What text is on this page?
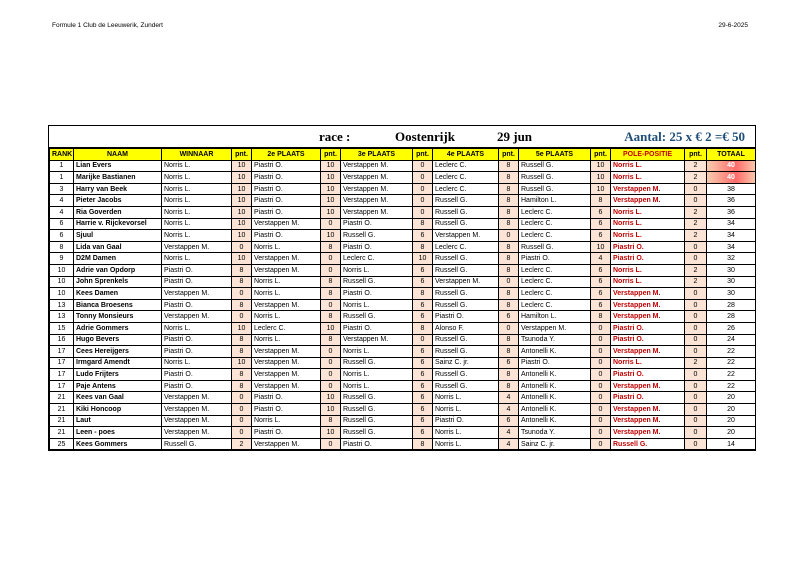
Formule 1 Club de Leeuwerik, Zundert	29-6-2025
race :	Oostenrijk	29 jun	Aantal: 25 x € 2 =€ 50
RANK	NAAM	WINNAAR	pnt.	2e PLAATS	pnt.	3e PLAATS	pnt.	4e PLAATS	pnt.	5e PLAATS	pnt.	POLE-POSITIE	pnt.	TOTAAL
1	Lian Evers	Norris L.	10	Piastri O.	10	Verstappen M.	0	Leclerc C.	8	Russell G.	10	Norris L.	2	40
1	Marijke Bastianen	Norris L.	10	Piastri O.	10	Verstappen M.	0	Leclerc C.	8	Russell G.	10	Norris L.	2	40
3	Harry van Beek	Norris L.	10	Piastri O.	10	Verstappen M.	0	Leclerc C.	8	Russell G.	10	Verstappen M.	0	38
4	Pieter Jacobs	Norris L.	10	Piastri O.	10	Verstappen M.	0	Russell G.	8	Hamilton L.	8	Verstappen M.	0	36
4	Ria Goverden	Norris L.	10	Piastri O.	10	Verstappen M.	0	Russell G.	8	Leclerc C.	6	Norris L.	2	36
6	Harrie v. Rijckevorsel	Norris L.	10	Verstappen M.	0	Piastri O.	8	Russell G.	8	Leclerc C.	6	Norris L.	2	34
6	Sjuul	Norris L.	10	Piastri O.	10	Russell G.	6	Verstappen M.	0	Leclerc C.	6	Norris L.	2	34
8	Lida van Gaal	Verstappen M.	0	Norris L.	8	Piastri O.	8	Leclerc C.	8	Russell G.	10	Piastri O.	0	34
9	D2M Damen	Norris L.	10	Verstappen M.	0	Leclerc C.	10	Russell G.	8	Piastri O.	4	Piastri O.	0	32
10	Adrie van Opdorp	Piastri O.	8	Verstappen M.	0	Norris L.	6	Russell G.	8	Leclerc C.	6	Norris L.	2	30
10	John Sprenkels	Piastri O.	8	Norris L.	8	Russell G.	6	Verstappen M.	0	Leclerc C.	6	Norris L.	2	30
10	Kees Damen	Verstappen M.	0	Norris L.	8	Piastri O.	8	Russell G.	8	Leclerc C.	6	Verstappen M.	0	30
13	Bianca Broesens	Piastri O.	8	Verstappen M.	0	Norris L.	6	Russell G.	8	Leclerc C.	6	Verstappen M.	0	28
13	Tonny Monsieurs	Verstappen M.	0	Norris L.	8	Russell G.	6	Piastri O.	6	Hamilton L.	8	Verstappen M.	0	28
15	Adrie Gommers	Norris L.	10	Leclerc C.	10	Piastri O.	8	Alonso F.	0	Verstappen M.	0	Piastri O.	0	26
16	Hugo Bevers	Piastri O.	8	Norris L.	8	Verstappen M.	0	Russell G.	8	Tsunoda Y.	0	Piastri O.	0	24
17	Cees Hereijgers	Piastri O.	8	Verstappen M.	0	Norris L.	6	Russell G.	8	Antonelli K.	0	Verstappen M.	0	22
17	Irmgard Amendt	Norris L.	10	Verstappen M.	0	Russell G.	6	Sainz C. jr.	6	Piastri O.	0	Norris L.	2	22
17	Ludo Frijters	Piastri O.	8	Verstappen M.	0	Norris L.	6	Russell G.	8	Antonelli K.	0	Piastri O.	0	22
17	Paje Antens	Piastri O.	8	Verstappen M.	0	Norris L.	6	Russell G.	8	Antonelli K.	0	Verstappen M.	0	22
21	Kees van Gaal	Verstappen M.	0	Piastri O.	10	Russell G.	6	Norris L.	4	Antonelli K.	0	Piastri O.	0	20
21	Kiki Honcoop	Verstappen M.	0	Piastri O.	10	Russell G.	6	Norris L.	4	Antonelli K.	0	Verstappen M.	0	20
21	Laut	Verstappen M.	0	Norris L.	8	Russell G.	6	Piastri O.	6	Antonelli K.	0	Verstappen M.	0	20
21	Leen - poes	Verstappen M.	0	Piastri O.	10	Russell G.	6	Norris L.	4	Tsunoda Y.	0	Verstappen M.	0	20
25	Kees Gommers	Russell G.	2	Verstappen M.	0	Piastri O.	8	Norris L.	4	Sainz C. jr.	0	Russell G.	0	14
